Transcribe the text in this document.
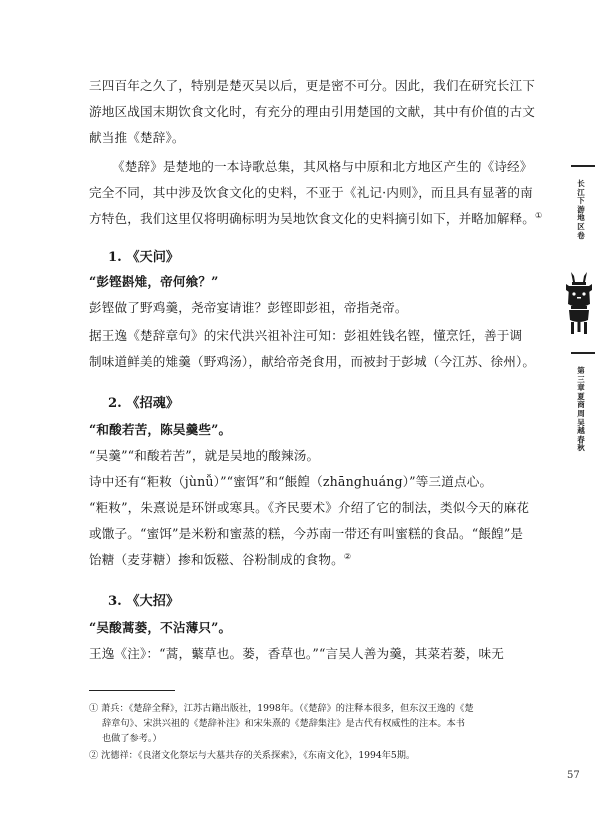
三四百年之久了，特别是楚灭吴以后，更是密不可分。因此，我们在研究长江下
游地区战国末期饮食文化时，有充分的理由引用楚国的文献，其中有价值的古文
献当推《楚辞》。
《楚辞》是楚地的一本诗歌总集，其风格与中原和北方地区产生的《诗经》
完全不同，其中涉及饮食文化的史料，不亚于《礼记·内则》，而且具有显著的南
方特色，我们这里仅将明确标明为吴地饮食文化的史料摘引如下，并略加解释。①
1. 《天问》
“彭铿斟雉，帝何飨？”
彭铿做了野鸡羹，尧帝宴请谁？彭铿即彭祖，帝指尧帝。
据王逸《楚辞章句》的宋代洪兴祖补注可知：彭祖姓钱名铿，懂烹饪，善于调
制味道鲜美的雉羹（野鸡汤），献给帝尧食用，而被封于彭城（今江苏、徐州）。
2. 《招魂》
“和酸若苦，陈吴羹些”。
“吴羹”“和酸若苦”，就是吴地的酸辣汤。
诗中还有“粔籹（jùnǚ）”“蜜饵”和“餦餭（zhānghuáng）”等三道点心。
“粔籹”，朱熹说是环饼或寒具。《齐民要术》介绍了它的制法，类似今天的麻花
或馓子。“蜜饵”是米粉和蜜蒸的糕，今苏南一带还有叫蜜糕的食品。“餦餭”是
饴糖（麦芽糖）掺和饭糍、谷粉制成的食物。②
3. 《大招》
“吴酸蒿蒌，不沾薄只”。
王逸《注》：“蒿，蘩草也。蒌，香草也。”“言吴人善为羹，其菜若蒌，味无
① 萧兵：《楚辞全释》，江苏古籍出版社，1998年。（《楚辞》的注释本很多，但东汉王逸的《楚
辞章句》、宋洪兴祖的《楚辞补注》和宋朱熹的《楚辞集注》是古代有权威性的注本。本书
也做了参考。）
② 沈德祥：《良渚文化祭坛与大墓共存的关系探索》，《东南文化》，1994年5期。
长江下游地区卷
第三章 夏商周吴越春秋
57
